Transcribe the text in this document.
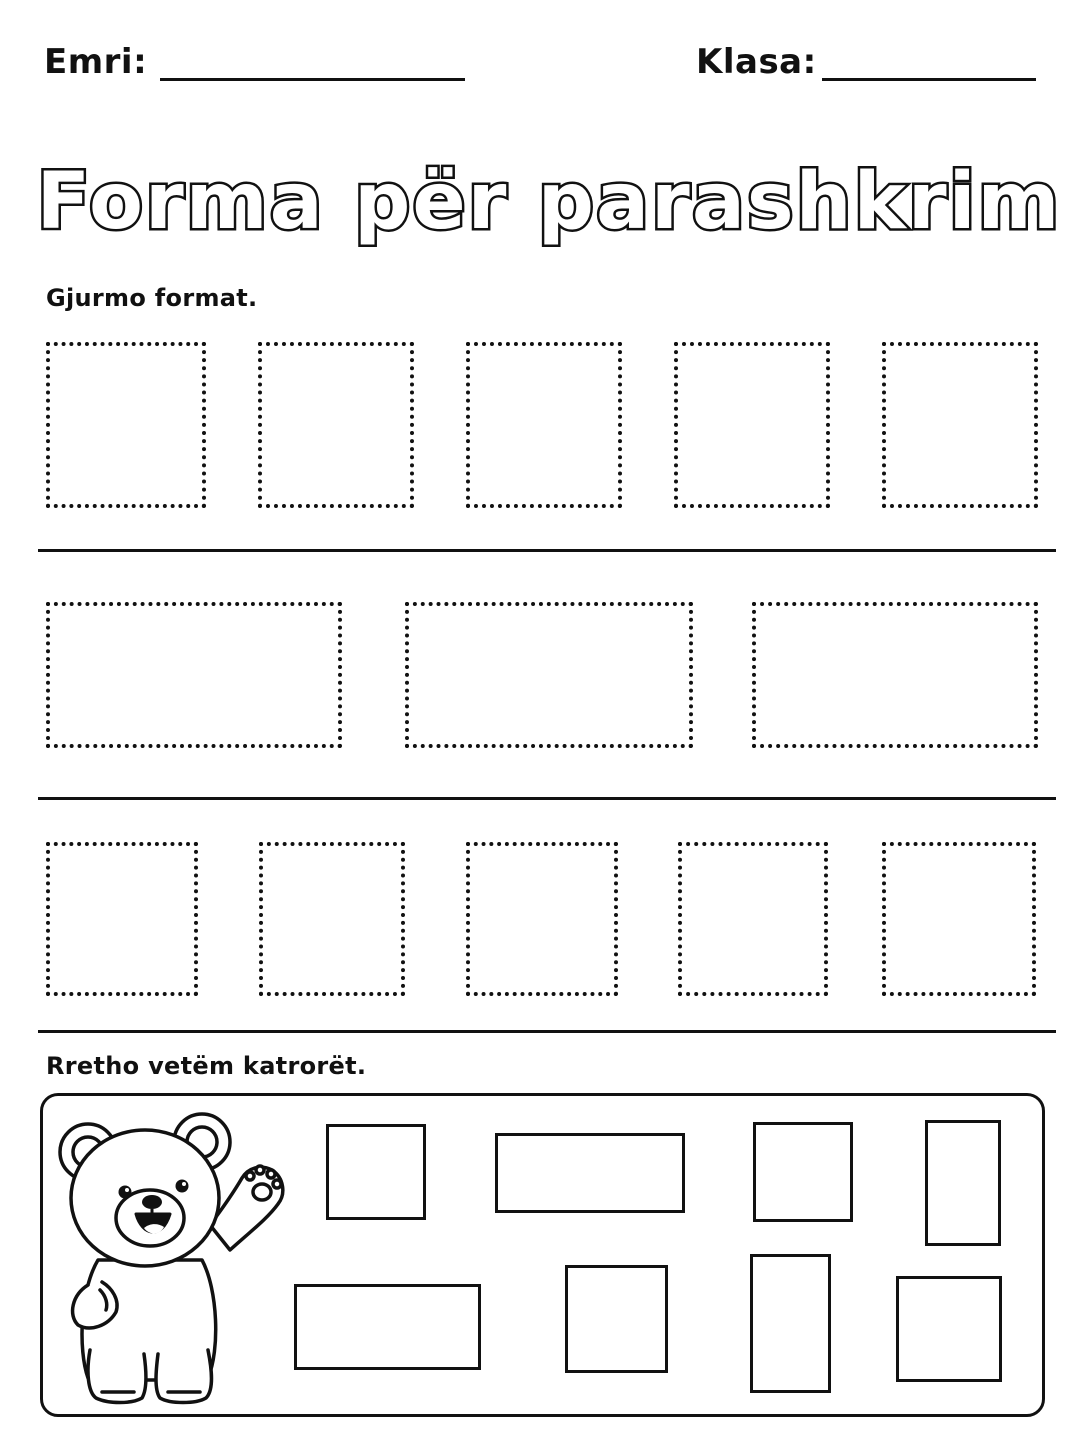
Emri:	Klasa:
Forma për parashkrim
Gjurmo format.
Rretho vetëm katrorët.
